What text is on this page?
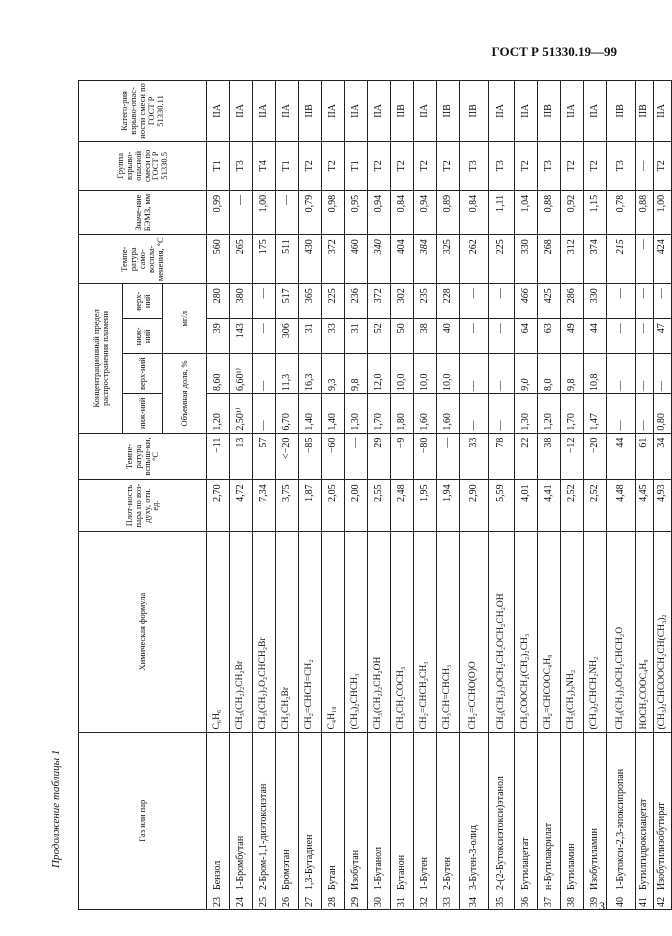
ГОСТ Р 51330.19—99
Продолжение таблицы 1	Газ или пар	Химическая формула	Плот-ность пара по воз-духу, отн. ед.	Темпе-ратура вспыш-ки, °С	Концентрационный предел распространения пламени				Темпе-ратура само-воспла-менения, °С	Значе-ние БЭМЗ, мм	Группа взрыво-опасной смеси по ГОСТ Р 51330.5	Катего-рия взрыво-опас-ности смеси по ГОСТ Р 51330.11
				ниж-ний	верх-ний	ниж-ний	верх-ний				
				Объемная доля, %		мг/л					
23Бензол	C₆H₆	2,70	−11	1,20	8,60	39	280	560	0,99	T1	IIA
241-Бромбутан	CH₃(CH₂)₂CH₂Br	4,72	13	2,50¹⁾	6,60¹⁾	143	380	265	—	T3	IIA
252-Бром-1,1-диэтоксиэтан	CH₃(CH₂)₂O₂CHCH₂Br	7,34	57	—	—	—	—	175	1,00	T4	IIA
26Бромэтан	CH₃CH₂Br	3,75	<−20	6,70	11,3	306	517	511	—	T1	IIA
271,3-Бутадиен	CH₂=CHCH=CH₂	1,87	−85	1,40	16,3	31	365	430	0,79	T2	IIB
28Бутан	C₄H₁₀	2,05	−60	1,40	9,3	33	225	372	0,98	T2	IIA
29Изобутан	(CH₃)₂CHCH₃	2,00	—	1,30	9,8	31	236	460	0,95	T1	IIA
301-Бутанол	CH₃(CH₂)₂CH₂OH	2,55	29	1,70	12,0	52	372	340	0,94	T2	IIA
31Бутанон	CH₃CH₂COCH₃	2,48	−9	1,80	10,0	50	302	404	0,84	T2	IIB
321-Бутен	CH₂=CHCH₂CH₃	1,95	−80	1,60	10,0	38	235	384	0,94	T2	IIA
332-Бутен	CH₃CH=CHCH₃	1,94	—	1,60	10,0	40	228	325	0,89	T2	IIB
343-Бутен-3-олид	CH₂=CCHO(O)O	2,90	33	—	—	—	—	262	0,84	T3	IIB
352-(2-Бутоксиэтокси)этанол	CH₃(CH₂)₃OCH₂CH₂OCH₂CH₂OH	5,59	78	—	—	—	—	225	1,11	T3	IIA
36Бутилацетат	CH₃COOCH₂(CH₂)₂CH₃	4,01	22	1,30	9,0	64	466	330	1,04	T2	IIA
37н-Бутилакрилат	CH₂=CHCOOC₄H₉	4,41	38	1,20	8,0	63	425	268	0,88	T3	IIB
38Бутиламин	CH₃(CH₂)₃NH₂	2,52	−12	1,70	9,8	49	286	312	0,92	T2	IIA
39Изобутиламин	(CH₃)₂CHCH₂NH₂	2,52	−20	1,47	10,8	44	330	374	1,15	T2	IIA
401-Бутокси-2,3-эпоксипропан	CH₃(CH₂)₃OCH₂CHCH₂O	4,48	44	—	—	—	—	215	0,78	T3	IIB
41Бутилгидроксиацетат	HOCH₂COOC₄H₉	4,45	61	—	—	—	—	—	0,88	—	IIB
42Изобутилизобутират	(CH₃)₂CHCOOCH₂CH(CH₃)₂	4,93	34	0,80	—	47	—	424	1,00	T2	IIA
3
